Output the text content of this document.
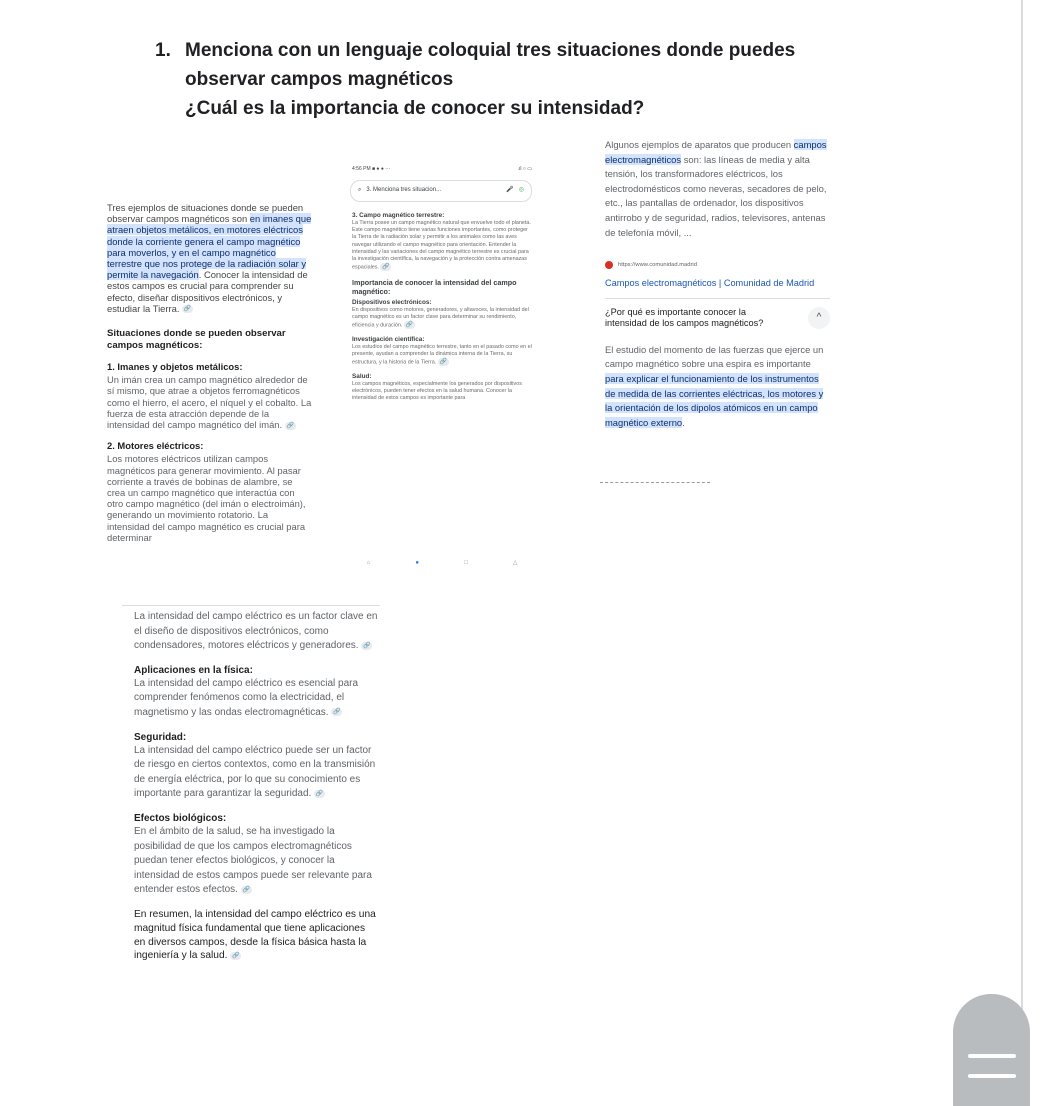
1. Menciona con un lenguaje coloquial tres situaciones donde puedes
observar campos magnéticos
¿Cuál es la importancia de conocer su intensidad?

Tres ejemplos de situaciones donde se pueden observar campos magnéticos son en imanes que atraen objetos metálicos, en motores eléctricos donde la corriente genera el campo magnético para moverlos, y en el campo magnético terrestre que nos protege de la radiación solar y permite la navegación. Conocer la intensidad de estos campos es crucial para comprender su efecto, diseñar dispositivos electrónicos, y estudiar la Tierra. 🔗

Situaciones donde se pueden observar campos magnéticos:

1. Imanes y objetos metálicos:

Un imán crea un campo magnético alrededor de sí mismo, que atrae a objetos ferromagnéticos como el hierro, el acero, el níquel y el cobalto. La fuerza de esta atracción depende de la intensidad del campo magnético del imán. 🔗

2. Motores eléctricos:

Los motores eléctricos utilizan campos magnéticos para generar movimiento. Al pasar corriente a través de bobinas de alambre, se crea un campo magnético que interactúa con otro campo magnético (del imán o electroimán), generando un movimiento rotatorio. La intensidad del campo magnético es crucial para determinar

4:56 PM ■ ● ● ···	.ıl ○ ▭
⌕ 3. Menciona tres situacion...	🎤 ◎
3. Campo magnético terrestre:
La Tierra posee un campo magnético natural que envuelve todo el planeta. Este campo magnético tiene varias funciones importantes, como proteger la Tierra de la radiación solar y permitir a los animales como las aves navegar utilizando el campo magnético para orientación. Entender la intensidad y las variaciones del campo magnético terrestre es crucial para la investigación científica, la navegación y la protección contra amenazas espaciales. 🔗
Importancia de conocer la intensidad del campo magnético:
Dispositivos electrónicos:
En dispositivos como motores, generadores, y altavoces, la intensidad del campo magnético es un factor clave para determinar su rendimiento, eficiencia y duración. 🔗
Investigación científica:
Los estudios del campo magnético terrestre, tanto en el pasado como en el presente, ayudan a comprender la dinámica interna de la Tierra, su estructura, y la historia de la Tierra. 🔗
Salud:
Los campos magnéticos, especialmente los generados por dispositivos electrónicos, pueden tener efectos en la salud humana. Conocer la intensidad de estos campos es importante para
⌂	●	□	△

Algunos ejemplos de aparatos que producen campos electromagnéticos son: las líneas de media y alta tensión, los transformadores eléctricos, los electrodomésticos como neveras, secadores de pelo, etc., las pantallas de ordenador, los dispositivos antirrobo y de seguridad, radios, televisores, antenas de telefonía móvil, ...

https://www.comunidad.madrid
Campos electromagnéticos | Comunidad de Madrid
¿Por qué es importante conocer la intensidad de los campos magnéticos?	^

El estudio del momento de las fuerzas que ejerce un campo magnético sobre una espira es importante para explicar el funcionamiento de los instrumentos de medida de las corrientes eléctricas, los motores y la orientación de los dipolos atómicos en un campo magnético externo.

La intensidad del campo eléctrico es un factor clave en el diseño de dispositivos electrónicos, como condensadores, motores eléctricos y generadores. 🔗

Aplicaciones en la física:

La intensidad del campo eléctrico es esencial para comprender fenómenos como la electricidad, el magnetismo y las ondas electromagnéticas. 🔗

Seguridad:

La intensidad del campo eléctrico puede ser un factor de riesgo en ciertos contextos, como en la transmisión de energía eléctrica, por lo que su conocimiento es importante para garantizar la seguridad. 🔗

Efectos biológicos:

En el ámbito de la salud, se ha investigado la posibilidad de que los campos electromagnéticos puedan tener efectos biológicos, y conocer la intensidad de estos campos puede ser relevante para entender estos efectos. 🔗

En resumen, la intensidad del campo eléctrico es una magnitud física fundamental que tiene aplicaciones en diversos campos, desde la física básica hasta la ingeniería y la salud. 🔗
